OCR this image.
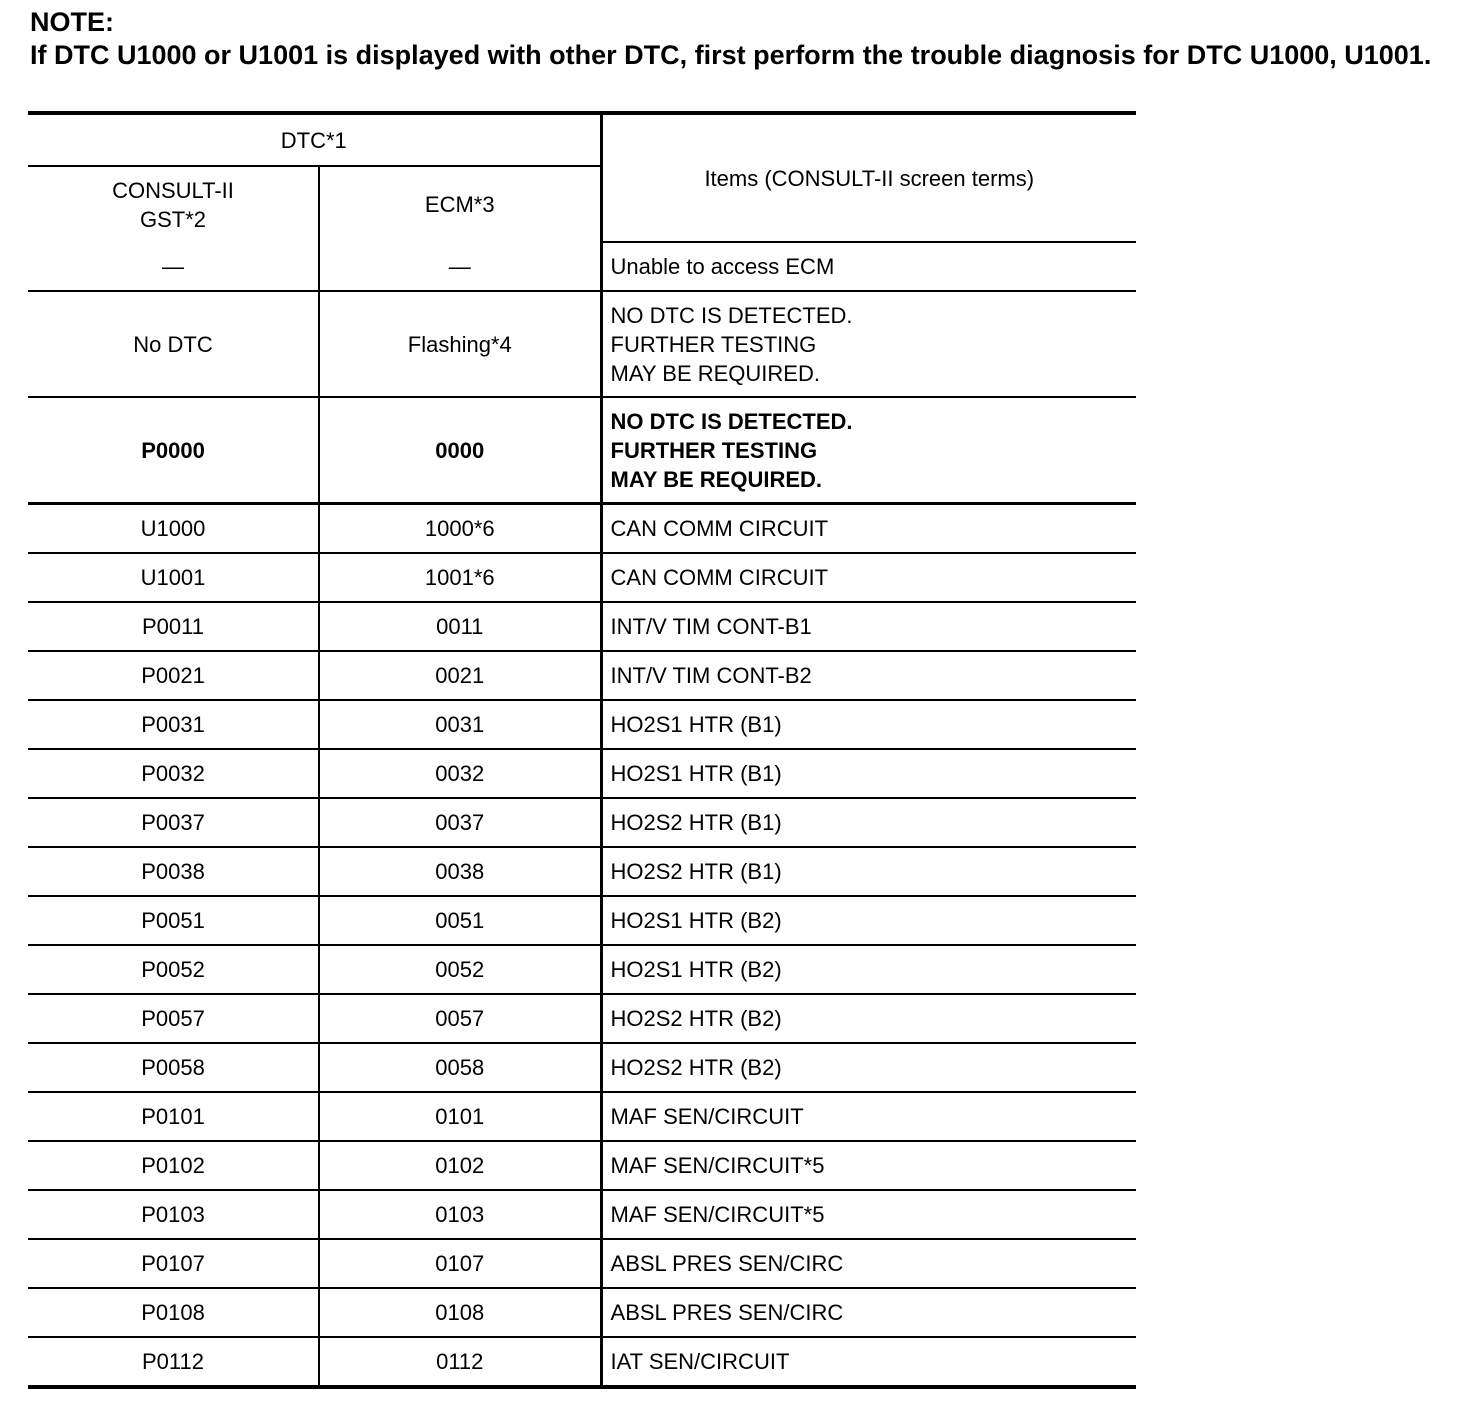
NOTE:
If DTC U1000 or U1001 is displayed with other DTC, first perform the trouble diagnosis for DTC U1000, U1001.
DTC*1		Items (CONSULT-II screen terms)

CONSULT-II
GST*2	ECM*3	
—	—	Unable to access ECM

No DTC	Flashing*4	NO DTC IS DETECTED.
FURTHER TESTING
MAY BE REQUIRED.

P0000	0000	NO DTC IS DETECTED.
FURTHER TESTING
MAY BE REQUIRED.

U1000	1000*6	CAN COMM CIRCUIT

U1001	1001*6	CAN COMM CIRCUIT

P0011	0011	INT/V TIM CONT-B1

P0021	0021	INT/V TIM CONT-B2

P0031	0031	HO2S1 HTR (B1)

P0032	0032	HO2S1 HTR (B1)

P0037	0037	HO2S2 HTR (B1)

P0038	0038	HO2S2 HTR (B1)

P0051	0051	HO2S1 HTR (B2)

P0052	0052	HO2S1 HTR (B2)

P0057	0057	HO2S2 HTR (B2)

P0058	0058	HO2S2 HTR (B2)

P0101	0101	MAF SEN/CIRCUIT

P0102	0102	MAF SEN/CIRCUIT*5

P0103	0103	MAF SEN/CIRCUIT*5

P0107	0107	ABSL PRES SEN/CIRC

P0108	0108	ABSL PRES SEN/CIRC

P0112	0112	IAT SEN/CIRCUIT
